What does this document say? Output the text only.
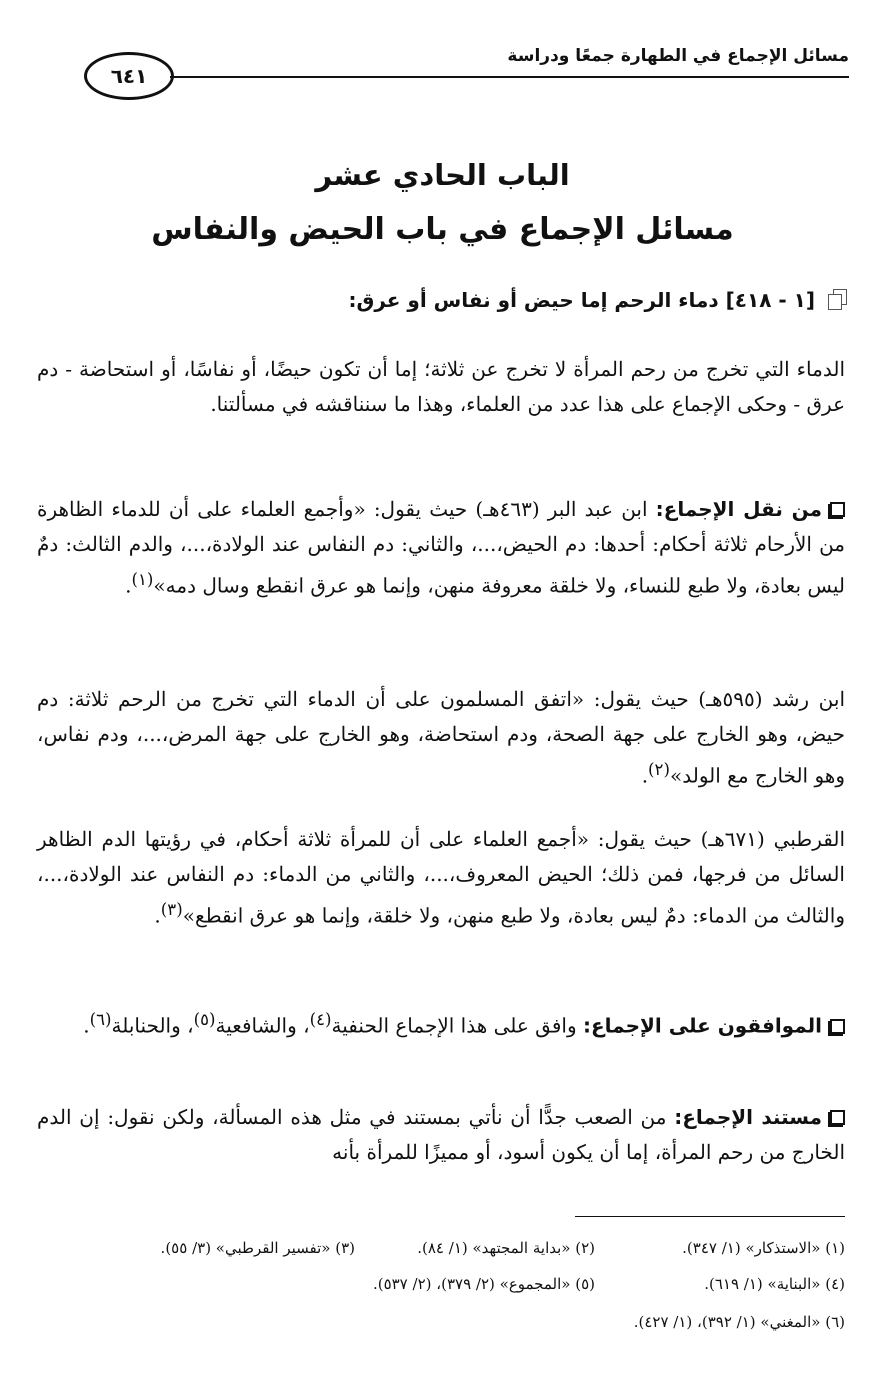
مسائل الإجماع في الطهارة جمعًا ودراسة
٦٤١
الباب الحادي عشر
مسائل الإجماع في باب الحيض والنفاس
[١ - ٤١٨] دماء الرحم إما حيض أو نفاس أو عرق:
الدماء التي تخرج من رحم المرأة لا تخرج عن ثلاثة؛ إما أن تكون حيضًا، أو نفاسًا، أو استحاضة - دم عرق - وحكى الإجماع على هذا عدد من العلماء، وهذا ما سنناقشه في مسألتنا.
من نقل الإجماع: ابن عبد البر (٤٦٣هـ) حيث يقول: «وأجمع العلماء على أن للدماء الظاهرة من الأرحام ثلاثة أحكام: أحدها: دم الحيض،...، والثاني: دم النفاس عند الولادة،...، والدم الثالث: دمٌ ليس بعادة، ولا طبع للنساء، ولا خلقة معروفة منهن، وإنما هو عرق انقطع وسال دمه»$^{(١)}$.
ابن رشد (٥٩٥هـ) حيث يقول: «اتفق المسلمون على أن الدماء التي تخرج من الرحم ثلاثة: دم حيض، وهو الخارج على جهة الصحة، ودم استحاضة، وهو الخارج على جهة المرض،...، ودم نفاس، وهو الخارج مع الولد»$^{(٢)}$.
القرطبي (٦٧١هـ) حيث يقول: «أجمع العلماء على أن للمرأة ثلاثة أحكام، في رؤيتها الدم الظاهر السائل من فرجها، فمن ذلك؛ الحيض المعروف،...، والثاني من الدماء: دم النفاس عند الولادة،...، والثالث من الدماء: دمٌ ليس بعادة، ولا طبع منهن، ولا خلقة، وإنما هو عرق انقطع»$^{(٣)}$.
الموافقون على الإجماع: وافق على هذا الإجماع الحنفية$^{(٤)}$، والشافعية$^{(٥)}$، والحنابلة$^{(٦)}$.
مستند الإجماع: من الصعب جدًّا أن نأتي بمستند في مثل هذه المسألة، ولكن نقول: إن الدم الخارج من رحم المرأة، إما أن يكون أسود، أو مميزًا للمرأة بأنه
(١) «الاستذكار» (١/ ٣٤٧).
(٢) «بداية المجتهد» (١/ ٨٤).
(٣) «تفسير القرطبي» (٣/ ٥٥).
(٤) «البناية» (١/ ٦١٩).
(٥) «المجموع» (٢/ ٣٧٩)، (٢/ ٥٣٧).
(٦) «المغني» (١/ ٣٩٢)، (١/ ٤٢٧).
